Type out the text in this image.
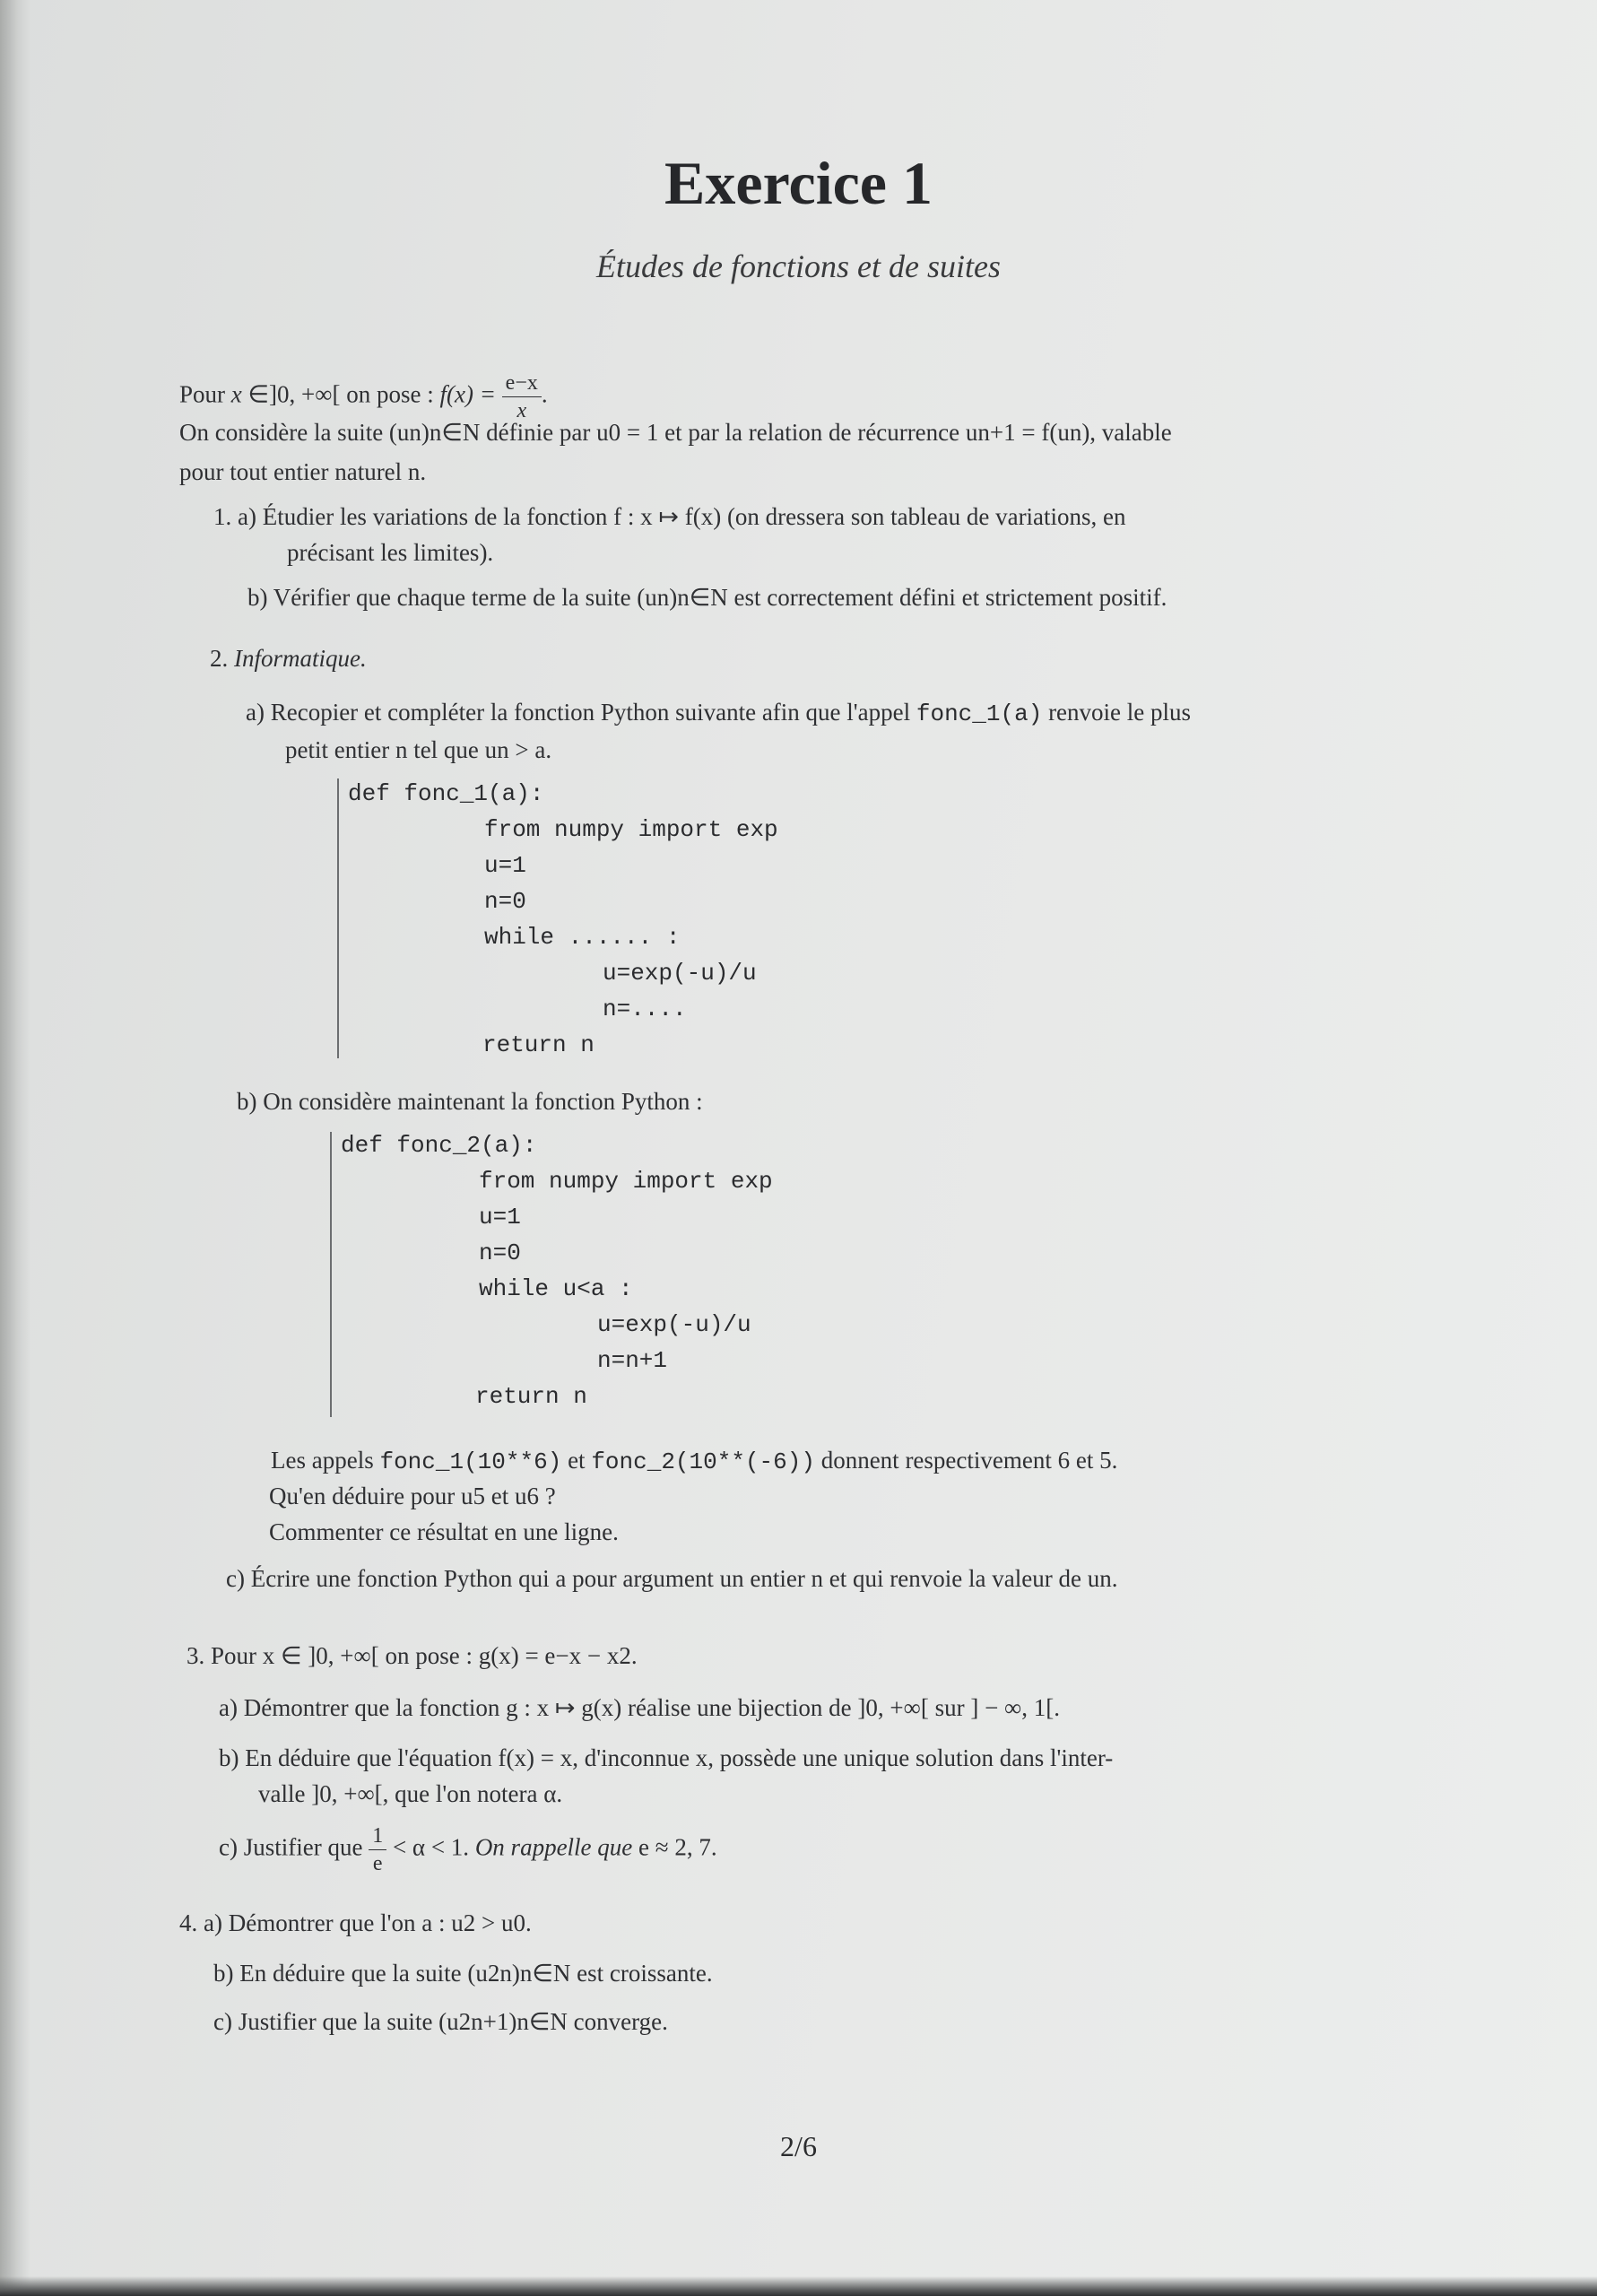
Exercice 1
Études de fonctions et de suites
Pour x ∈]0, +∞[ on pose : $f(x) = \frac{e-x}{x}$ .
On considère la suite (un)n∈N définie par u0 = 1 et par la relation de récurrence un+1 = f(un), valable
pour tout entier naturel n.
1. a) Étudier les variations de la fonction f : x ↦ f(x) (on dressera son tableau de variations, en
précisant les limites).
b) Vérifier que chaque terme de la suite (un)n∈N est correctement défini et strictement positif.
2. Informatique.
a) Recopier et compléter la fonction Python suivante afin que l'appel fonc_1(a) renvoie le plus
petit entier n tel que un > a.
def fonc_1(a):
from numpy import exp
u=1
n=0
while ...... :
u=exp(-u)/u
n=....
return n
b) On considère maintenant la fonction Python :
def fonc_2(a):
from numpy import exp
u=1
n=0
while u<a :
u=exp(-u)/u
n=n+1
return n
Les appels fonc_1(10**6) et fonc_2(10**(-6)) donnent respectivement 6 et 5.
Qu'en déduire pour u5 et u6 ?
Commenter ce résultat en une ligne.
c) Écrire une fonction Python qui a pour argument un entier n et qui renvoie la valeur de un.
3. Pour x ∈ ]0, +∞[ on pose : g(x) = e−x − x2.
a) Démontrer que la fonction g : x ↦ g(x) réalise une bijection de ]0, +∞[ sur ] − ∞, 1[.
b) En déduire que l'équation f(x) = x, d'inconnue x, possède une unique solution dans l'inter-
valle ]0, +∞[, que l'on notera α.
c) Justifier que $\frac{1}{e} < \alpha < 1$. On rappelle que e ≈ 2, 7.
4. a) Démontrer que l'on a : u2 > u0.
b) En déduire que la suite (u2n)n∈N est croissante.
c) Justifier que la suite (u2n+1)n∈N converge.
2/6
